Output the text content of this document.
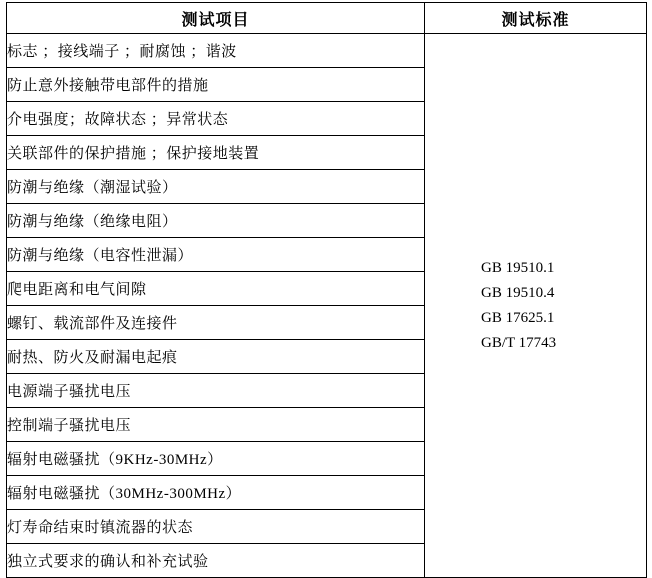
测试项目	测试标准
标志 ；接线端子 ；耐腐蚀 ；谐波	GB 19510.1
GB 19510.4
GB 17625.1
GB/T 17743

防止意外接触带电部件的措施	
介电强度；故障状态 ；异常状态	
关联部件的保护措施 ；保护接地装置	
防潮与绝缘（潮湿试验）	
防潮与绝缘（绝缘电阻）	
防潮与绝缘（电容性泄漏）	
爬电距离和电气间隙	
螺钉、载流部件及连接件	
耐热、防火及耐漏电起痕	
电源端子骚扰电压	
控制端子骚扰电压	
辐射电磁骚扰（9KHz-30MHz）	
辐射电磁骚扰（30MHz-300MHz）	
灯寿命结束时镇流器的状态	
独立式要求的确认和补充试验	
